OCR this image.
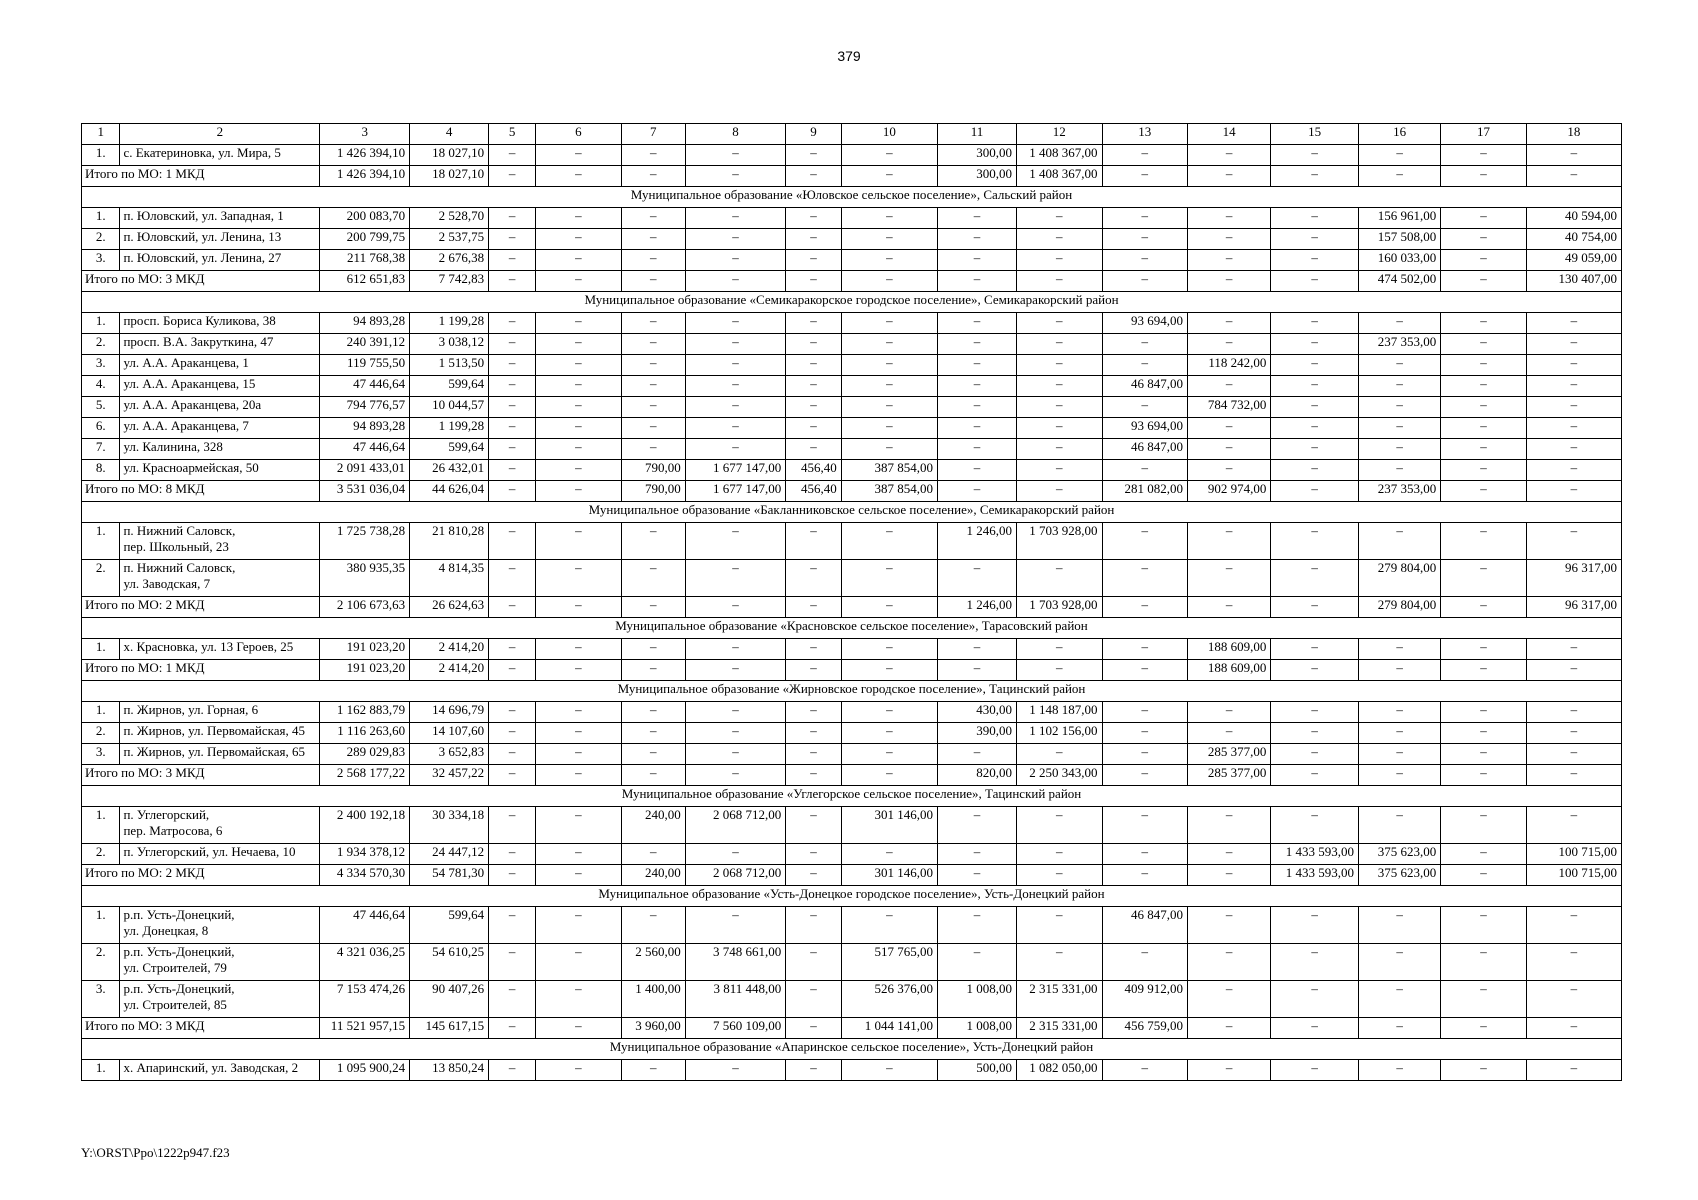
379
1	2	3	4	5	6	7	8	9	10	11	12	13	14	15	16	17	18
1.	с. Екатериновка, ул. Мира, 5	1 426 394,10	18 027,10	–	–	–	–	–	–	300,00	1 408 367,00	–	–	–	–	–	–
Итого по МО: 1 МКД		1 426 394,10	18 027,10	–	–	–	–	–	–	300,00	1 408 367,00	–	–	–	–	–	–
Муниципальное образование «Юловское сельское поселение», Сальский район																	
1.	п. Юловский, ул. Западная, 1	200 083,70	2 528,70	–	–	–	–	–	–	–	–	–	–	–	156 961,00	–	40 594,00
2.	п. Юловский, ул. Ленина, 13	200 799,75	2 537,75	–	–	–	–	–	–	–	–	–	–	–	157 508,00	–	40 754,00
3.	п. Юловский, ул. Ленина, 27	211 768,38	2 676,38	–	–	–	–	–	–	–	–	–	–	–	160 033,00	–	49 059,00
Итого по МО: 3 МКД		612 651,83	7 742,83	–	–	–	–	–	–	–	–	–	–	–	474 502,00	–	130 407,00
Муниципальное образование «Семикаракорское городское поселение», Семикаракорский район																	
1.	просп. Бориса Куликова, 38	94 893,28	1 199,28	–	–	–	–	–	–	–	–	93 694,00	–	–	–	–	–
2.	просп. В.А. Закруткина, 47	240 391,12	3 038,12	–	–	–	–	–	–	–	–	–	–	–	237 353,00	–	–
3.	ул. А.А. Араканцева, 1	119 755,50	1 513,50	–	–	–	–	–	–	–	–	–	118 242,00	–	–	–	–
4.	ул. А.А. Араканцева, 15	47 446,64	599,64	–	–	–	–	–	–	–	–	46 847,00	–	–	–	–	–
5.	ул. А.А. Араканцева, 20а	794 776,57	10 044,57	–	–	–	–	–	–	–	–	–	784 732,00	–	–	–	–
6.	ул. А.А. Араканцева, 7	94 893,28	1 199,28	–	–	–	–	–	–	–	–	93 694,00	–	–	–	–	–
7.	ул. Калинина, 328	47 446,64	599,64	–	–	–	–	–	–	–	–	46 847,00	–	–	–	–	–
8.	ул. Красноармейская, 50	2 091 433,01	26 432,01	–	–	790,00	1 677 147,00	456,40	387 854,00	–	–	–	–	–	–	–	–
Итого по МО: 8 МКД		3 531 036,04	44 626,04	–	–	790,00	1 677 147,00	456,40	387 854,00	–	–	281 082,00	902 974,00	–	237 353,00	–	–
Муниципальное образование «Бакланниковское сельское поселение», Семикаракорский район																	
1.	п. Нижний Саловск,
пер. Школьный, 23	1 725 738,28	21 810,28	–	–	–	–	–	–	1 246,00	1 703 928,00	–	–	–	–	–	–
2.	п. Нижний Саловск,
ул. Заводская, 7	380 935,35	4 814,35	–	–	–	–	–	–	–	–	–	–	–	279 804,00	–	96 317,00
Итого по МО: 2 МКД		2 106 673,63	26 624,63	–	–	–	–	–	–	1 246,00	1 703 928,00	–	–	–	279 804,00	–	96 317,00
Муниципальное образование «Красновское сельское поселение», Тарасовский район																	
1.	х. Красновка, ул. 13 Героев, 25	191 023,20	2 414,20	–	–	–	–	–	–	–	–	–	188 609,00	–	–	–	–
Итого по МО: 1 МКД		191 023,20	2 414,20	–	–	–	–	–	–	–	–	–	188 609,00	–	–	–	–
Муниципальное образование «Жирновское городское поселение», Тацинский район																	
1.	п. Жирнов, ул. Горная, 6	1 162 883,79	14 696,79	–	–	–	–	–	–	430,00	1 148 187,00	–	–	–	–	–	–
2.	п. Жирнов, ул. Первомайская, 45	1 116 263,60	14 107,60	–	–	–	–	–	–	390,00	1 102 156,00	–	–	–	–	–	–
3.	п. Жирнов, ул. Первомайская, 65	289 029,83	3 652,83	–	–	–	–	–	–	–	–	–	285 377,00	–	–	–	–
Итого по МО: 3 МКД		2 568 177,22	32 457,22	–	–	–	–	–	–	820,00	2 250 343,00	–	285 377,00	–	–	–	–
Муниципальное образование «Углегорское сельское поселение», Тацинский район																	
1.	п. Углегорский,
пер. Матросова, 6	2 400 192,18	30 334,18	–	–	240,00	2 068 712,00	–	301 146,00	–	–	–	–	–	–	–	–
2.	п. Углегорский, ул. Нечаева, 10	1 934 378,12	24 447,12	–	–	–	–	–	–	–	–	–	–	1 433 593,00	375 623,00	–	100 715,00
Итого по МО: 2 МКД		4 334 570,30	54 781,30	–	–	240,00	2 068 712,00	–	301 146,00	–	–	–	–	1 433 593,00	375 623,00	–	100 715,00
Муниципальное образование «Усть-Донецкое городское поселение», Усть-Донецкий район																	
1.	р.п. Усть-Донецкий,
ул. Донецкая, 8	47 446,64	599,64	–	–	–	–	–	–	–	–	46 847,00	–	–	–	–	–
2.	р.п. Усть-Донецкий,
ул. Строителей, 79	4 321 036,25	54 610,25	–	–	2 560,00	3 748 661,00	–	517 765,00	–	–	–	–	–	–	–	–
3.	р.п. Усть-Донецкий,
ул. Строителей, 85	7 153 474,26	90 407,26	–	–	1 400,00	3 811 448,00	–	526 376,00	1 008,00	2 315 331,00	409 912,00	–	–	–	–	–
Итого по МО: 3 МКД		11 521 957,15	145 617,15	–	–	3 960,00	7 560 109,00	–	1 044 141,00	1 008,00	2 315 331,00	456 759,00	–	–	–	–	–
Муниципальное образование «Апаринское сельское поселение», Усть-Донецкий район																	
1.	х. Апаринский, ул. Заводская, 2	1 095 900,24	13 850,24	–	–	–	–	–	–	500,00	1 082 050,00	–	–	–	–	–	–
Y:\ORST\Ppo\1222p947.f23
